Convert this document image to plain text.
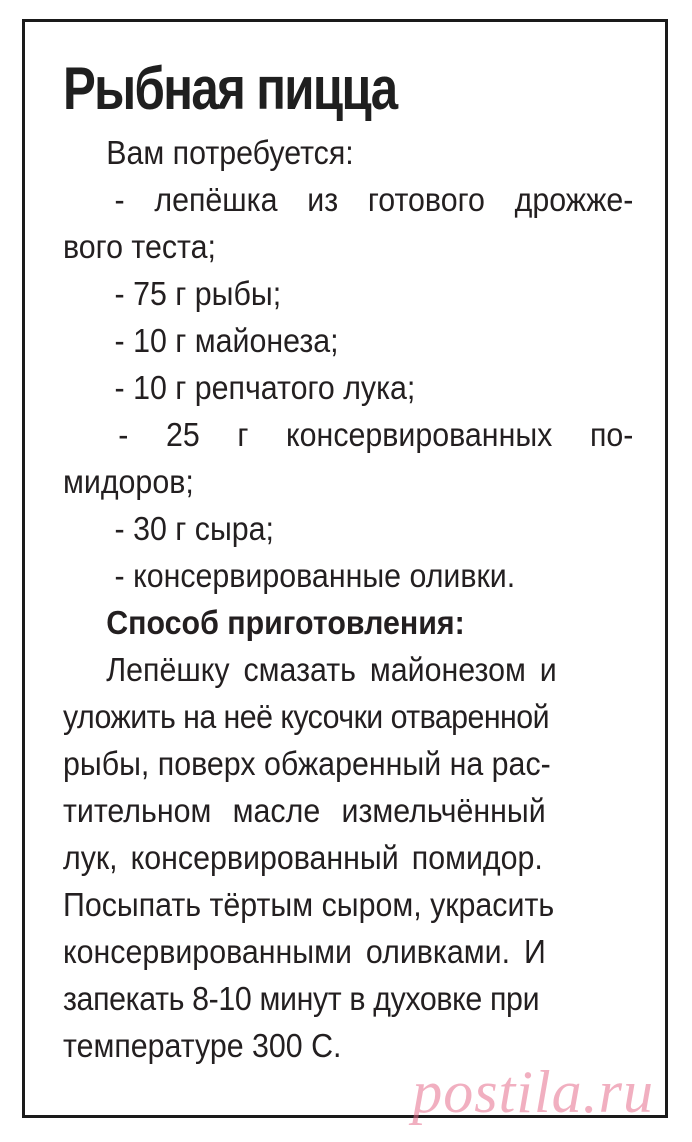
Рыбная пицца
Вам потребуется:
- лепёшка из готового дрожже-
вого теста;
- 75 г рыбы;
- 10 г майонеза;
- 10 г репчатого лука;
- 25 г консервированных по-
мидоров;
- 30 г сыра;
- консервированные оливки.
Способ приготовления:
Лепёшку смазать майонезом и
уложить на неё кусочки отваренной
рыбы, поверх обжаренный на рас-
тительном масле измельчённый
лук, консервированный помидор.
Посыпать тёртым сыром, украсить
консервированными оливками. И
запекать 8-10 минут в духовке при
температуре 300 С.
postila.ru
